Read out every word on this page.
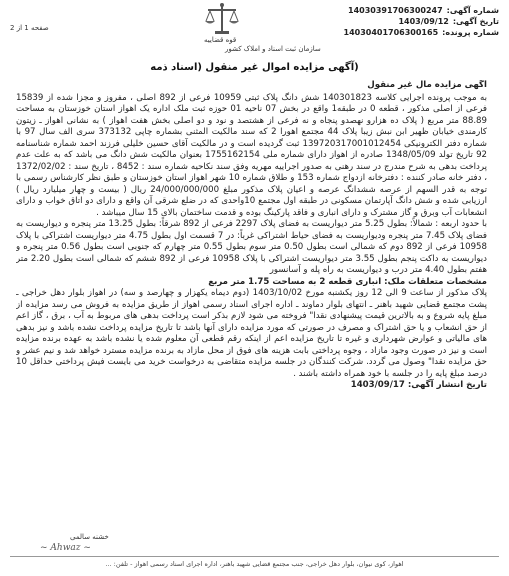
شماره آگهی:
14030391706300247
تاریخ آگهی:
1403/09/12
شماره پرونده:
14030401706300165
قوه قضاییه
سازمان ثبت اسناد و املاک کشور
صفحه 1 از 2
(آگهی مزایده اموال غیر منقول (اسناد ذمه

آگهی مزایده مال غیر منقول

به موجب پرونده اجرایی کلاسه 140301823 شش دانگ پلاک ثبتی 10959 فرعی از 892 اصلی ، مفروز و مجزا شده از 15839 فرعی از اصلی مذکور ، قطعه 0 در طبقه1 واقع در بخش 07 ناحیه 01 حوزه ثبت ملک اداره یک اهواز استان خوزستان به مساحت 88.89 متر مربع ( پلاک ده هزارو نهصدو پنجاه و نه فرعی از هشتصد و نود و دو اصلی بخش هفت اهواز ) به نشانی اهواز ـ زیتون کارمندی خیابان ظهیر ابن نبش زیبا پلاک 44 مجتمع اهورا 2 که سند مالکیت المثنی بشماره چاپی 373132 سری الف سال 97 با شماره دفتر الکترونیکی 139720317001012454 ثبت گردیده است و در مالکیت آقای حسین خلیلی فرزند احمد شماره شناسنامه 92 تاریخ تولد 1348/05/09 صادره از اهواز دارای شماره ملی 1755162154 بعنوان مالکیت شش دانگ می باشد که به علت عدم پرداخت بدهی به شرح مندرج در سند رهنی به صدور اجراییه مهریه وفق سند نکاحیه شماره سند : 8452 ، تاریخ سند : 1372/02/02 ، دفتر خانه صادر کننده : دفترخانه ازدواج شماره 153 و طلاق شماره 10 شهر اهواز استان خوزستان و طبق نظر کارشناس رسمی با توجه به قدر السهم از عرصه ششدانگ عرصه و اعیان پلاک مذکور مبلغ 24/000/000/000 ریال ( بیست و چهار میلیارد ریال ) ارزیابی شده و شش دانگ آپارتمان مسکونی در طبقه اول مجتمع 10واحدی که در ضلع شرقی آن واقع و دارای دو اتاق خواب و دارای انشعابات آب وبرق و گاز مشترک و دارای انباری و فاقد پارکینگ بوده و قدمت ساختمان بالای 15 سال میباشد .

با حدود اربعه : شمالاً: بطول 5.25 متر دیواریست به فضای پلاک 2297 فرعی از 892 شرقاً: بطول 13.25 متر پنجره و دیواریست به فضای پلاک 7.45 متر پنجره ودیواریست به فضای حیاط اشتراکی غرباً: در 7 قسمت اول بطول 4.75 متر دیواریست اشتراکی با پلاک 10958 فرعی از 892 دوم که شمالی است بطول 0.50 متر سوم بطول 0.55 متر چهارم که جنوبی است بطول 0.56 متر پنجره و دیواریست به داکت پنجم بطول 3.55 متر دیواریست اشتراکی با پلاک 10958 فرعی از 892 ششم که شمالی است بطول 2.20 متر هفتم بطول 4.40 متر درب و دیواریست به راه پله و آسانسور

مشخصات متعلقات ملک: انباری قطعه 2 به مساحت 1.75 متر مربع

پلاک مذکور از ساعت 9 الی 12 روز یکشنبه مورخ 1403/10/02 (دوم دیماه یکهزار و چهارصد و سه) در اهواز بلوار دهل خراجی ـ پشت مجتمع قضایی شهید باهنر ـ انتهای بلوار دماوند ـ اداره اجرای اسناد رسمی اهواز از طریق مزایده به فروش می رسد مزایده از مبلغ پایه شروع و به بالاترین قیمت پیشنهادی نقدا" فروخته می شود لازم بذکر است پرداخت بدهی های مربوط به آب ، برق ، گاز اعم از حق انشعاب و یا حق اشتراک و مصرف در صورتی که مورد مزایده دارای آنها باشد تا تاریخ مزایده پرداخت نشده باشد و نیز بدهی های مالیاتی و عوارض شهرداری و غیره تا تاریخ مزایده اعم از اینکه رقم قطعی آن معلوم شده یا نشده باشد به عهده برنده مزایده است و نیز در صورت وجود مازاد ، وجوه پرداختی بابت هزینه های فوق از محل مازاد به برنده مزایده مسترد خواهد شد و نیم عشر و حق مزایده نقدا" وصول می گردد. شرکت کنندگان در جلسه مزایده متقاضی به درخواست خرید می بایست فیش پرداختی حداقل 10 درصد مبلغ پایه را در جلسه با خود همراه داشته باشند .

تاریخ انتشار آگهی: 1403/09/17

خشنه سالمی
~ Ahwaz ~
اهواز، کوی نیوان، بلوار دهل خراجی، جنب مجتمع قضایی شهید باهنر، اداره اجرای اسناد رسمی اهواز - تلفن: ...
